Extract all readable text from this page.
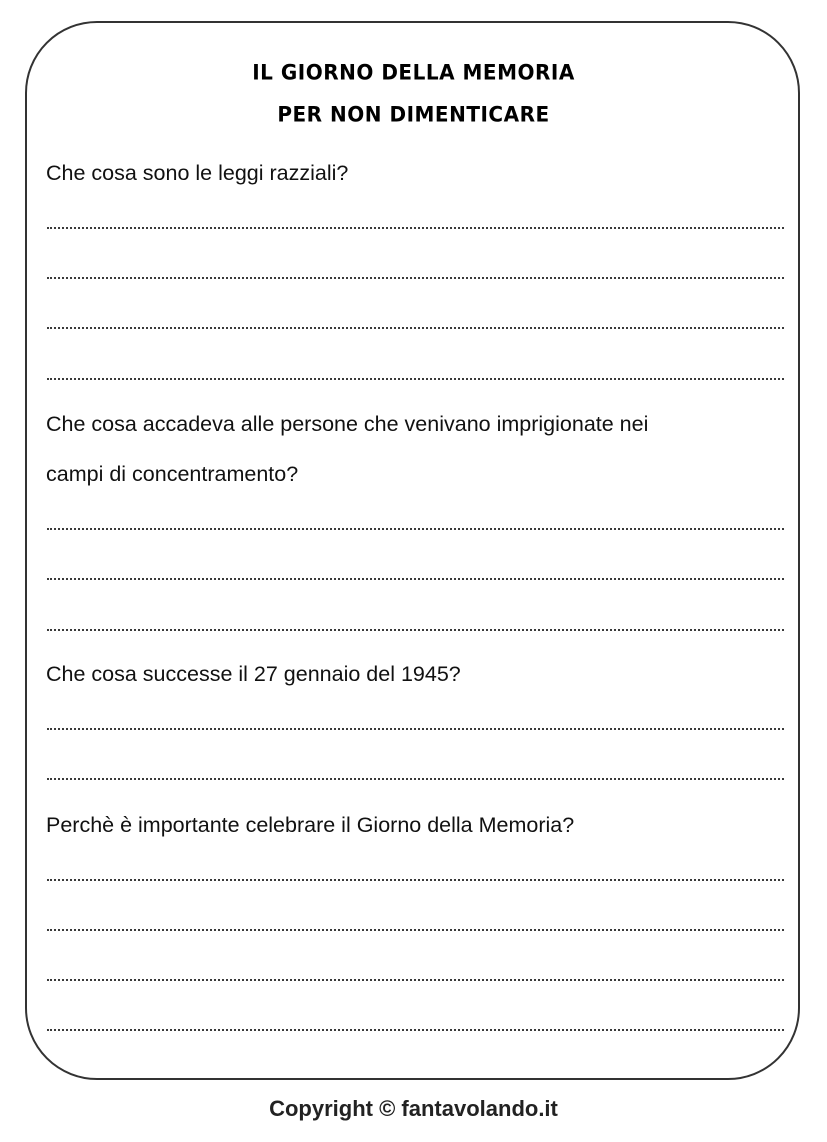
IL GIORNO DELLA MEMORIA
PER NON DIMENTICARE
Che cosa sono le leggi razziali?
Che cosa accadeva alle persone che venivano imprigionate nei
campi di concentramento?
Che cosa successe il 27 gennaio del 1945?
Perchè è importante celebrare il Giorno della Memoria?
Copyright © fantavolando.it
